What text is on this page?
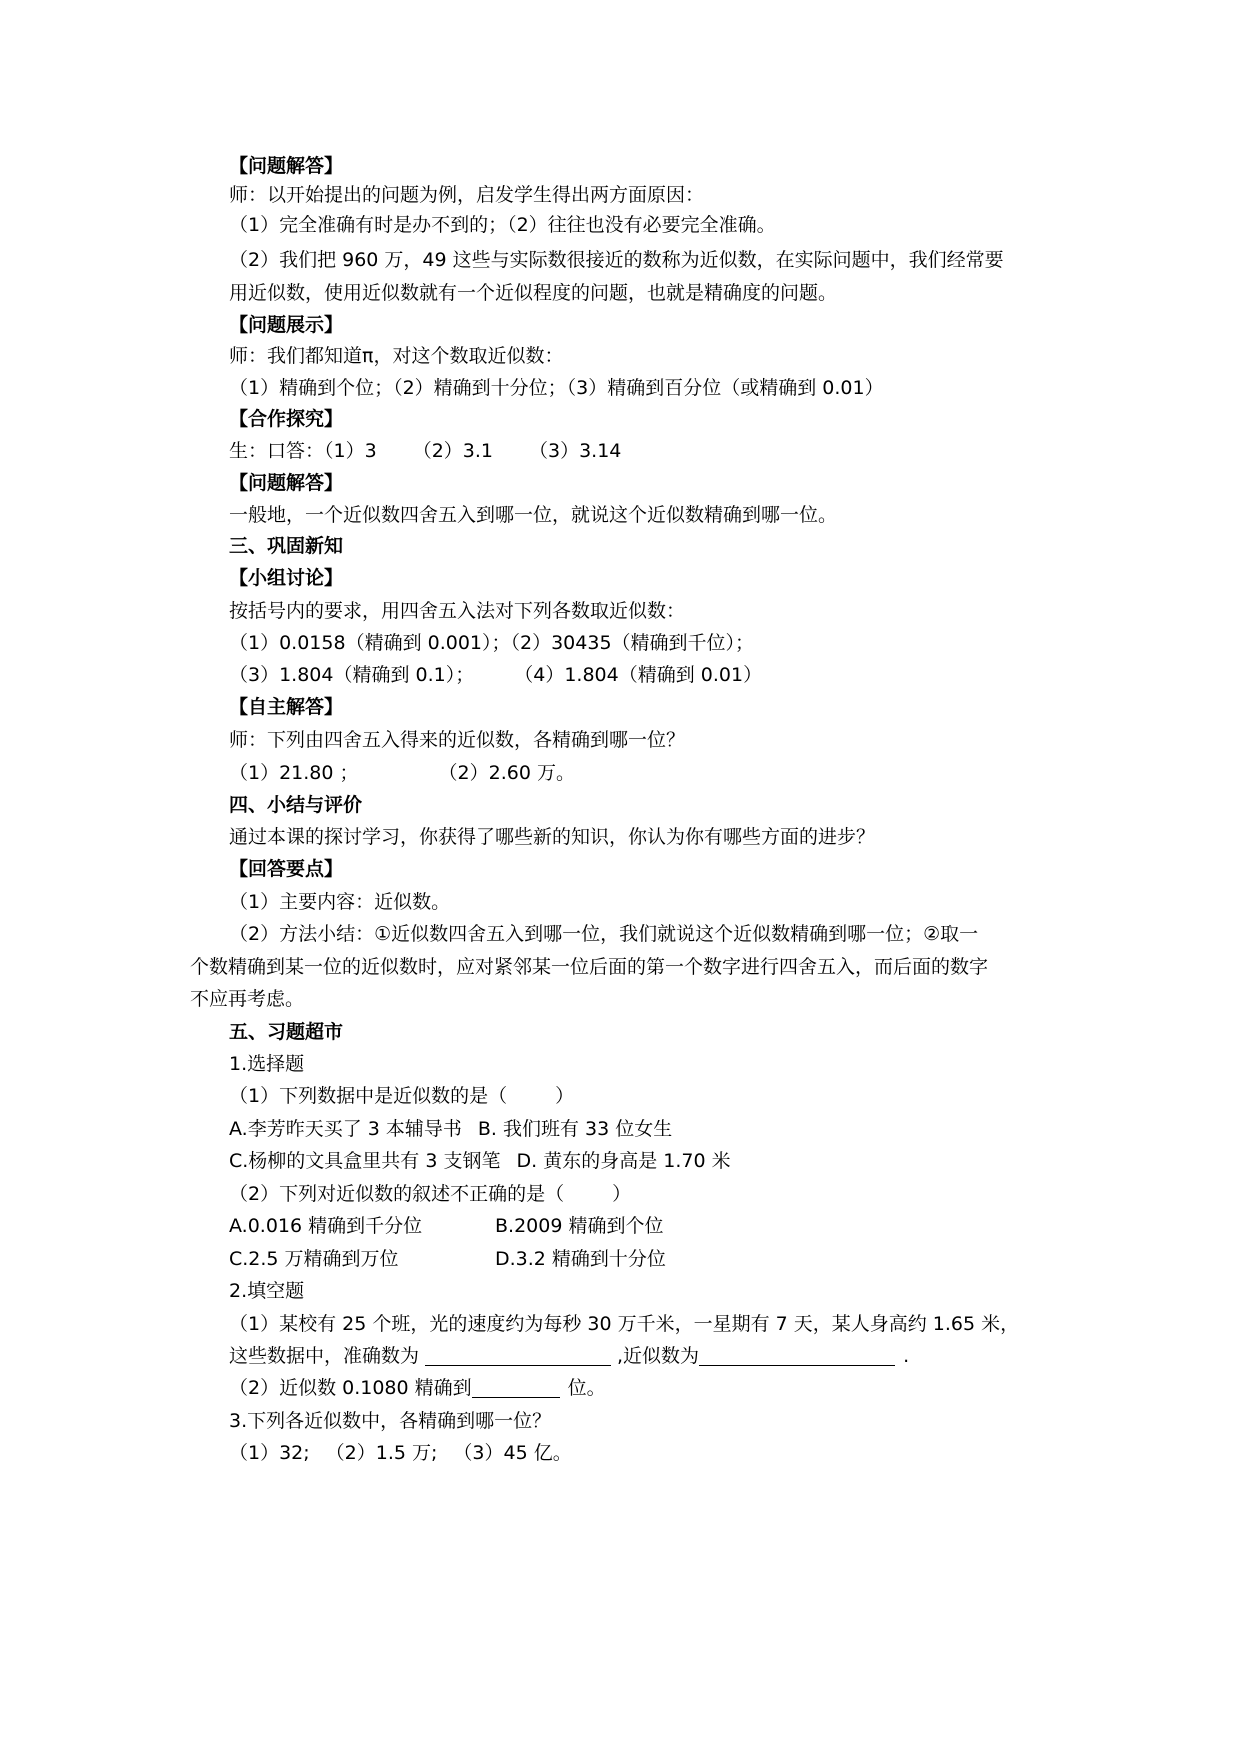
【问题解答】
师：以开始提出的问题为例，启发学生得出两方面原因：
（1）完全准确有时是办不到的；（2）往往也没有必要完全准确。
（2）我们把 960 万，49 这些与实际数很接近的数称为近似数，在实际问题中，我们经常要
用近似数，使用近似数就有一个近似程度的问题，也就是精确度的问题。
【问题展示】
师：我们都知道π，对这个数取近似数：
（1）精确到个位；（2）精确到十分位；（3）精确到百分位（或精确到 0.01）
【合作探究】
生：口答：（1）3 （2）3.1 （3）3.14
【问题解答】
一般地，一个近似数四舍五入到哪一位，就说这个近似数精确到哪一位。
三、巩固新知
【小组讨论】
按括号内的要求，用四舍五入法对下列各数取近似数：
（1）0.0158（精确到 0.001）；（2）30435（精确到千位）；
（3）1.804（精确到 0.1）； （4）1.804（精确到 0.01）
【自主解答】
师：下列由四舍五入得来的近似数，各精确到哪一位？
（1）21.80 ；	（2）2.60 万。
四、小结与评价
通过本课的探讨学习，你获得了哪些新的知识，你认为你有哪些方面的进步？
【回答要点】
（1）主要内容：近似数。
（2）方法小结：①近似数四舍五入到哪一位，我们就说这个近似数精确到哪一位；②取一
个数精确到某一位的近似数时，应对紧邻某一位后面的第一个数字进行四舍五入，而后面的数字
不应再考虑。
五、习题超市
1.选择题
（1）下列数据中是近似数的是（	）
A.李芳昨天买了 3 本辅导书 B. 我们班有 33 位女生
C.杨柳的文具盒里共有 3 支钢笔 D. 黄东的身高是 1.70 米
（2）下列对近似数的叙述不正确的是（	）
A.0.016 精确到千分位	B.2009 精确到个位
C.2.5 万精确到万位	D.3.2 精确到十分位
2.填空题
（1）某校有 25 个班，光的速度约为每秒 30 万千米，一星期有 7 天，某人身高约 1.65 米，
这些数据中，准确数为	,近似数为	.
（2）近似数 0.1080 精确到	位。
3.下列各近似数中，各精确到哪一位？
（1）32; （2）1.5 万; （3）45 亿。
